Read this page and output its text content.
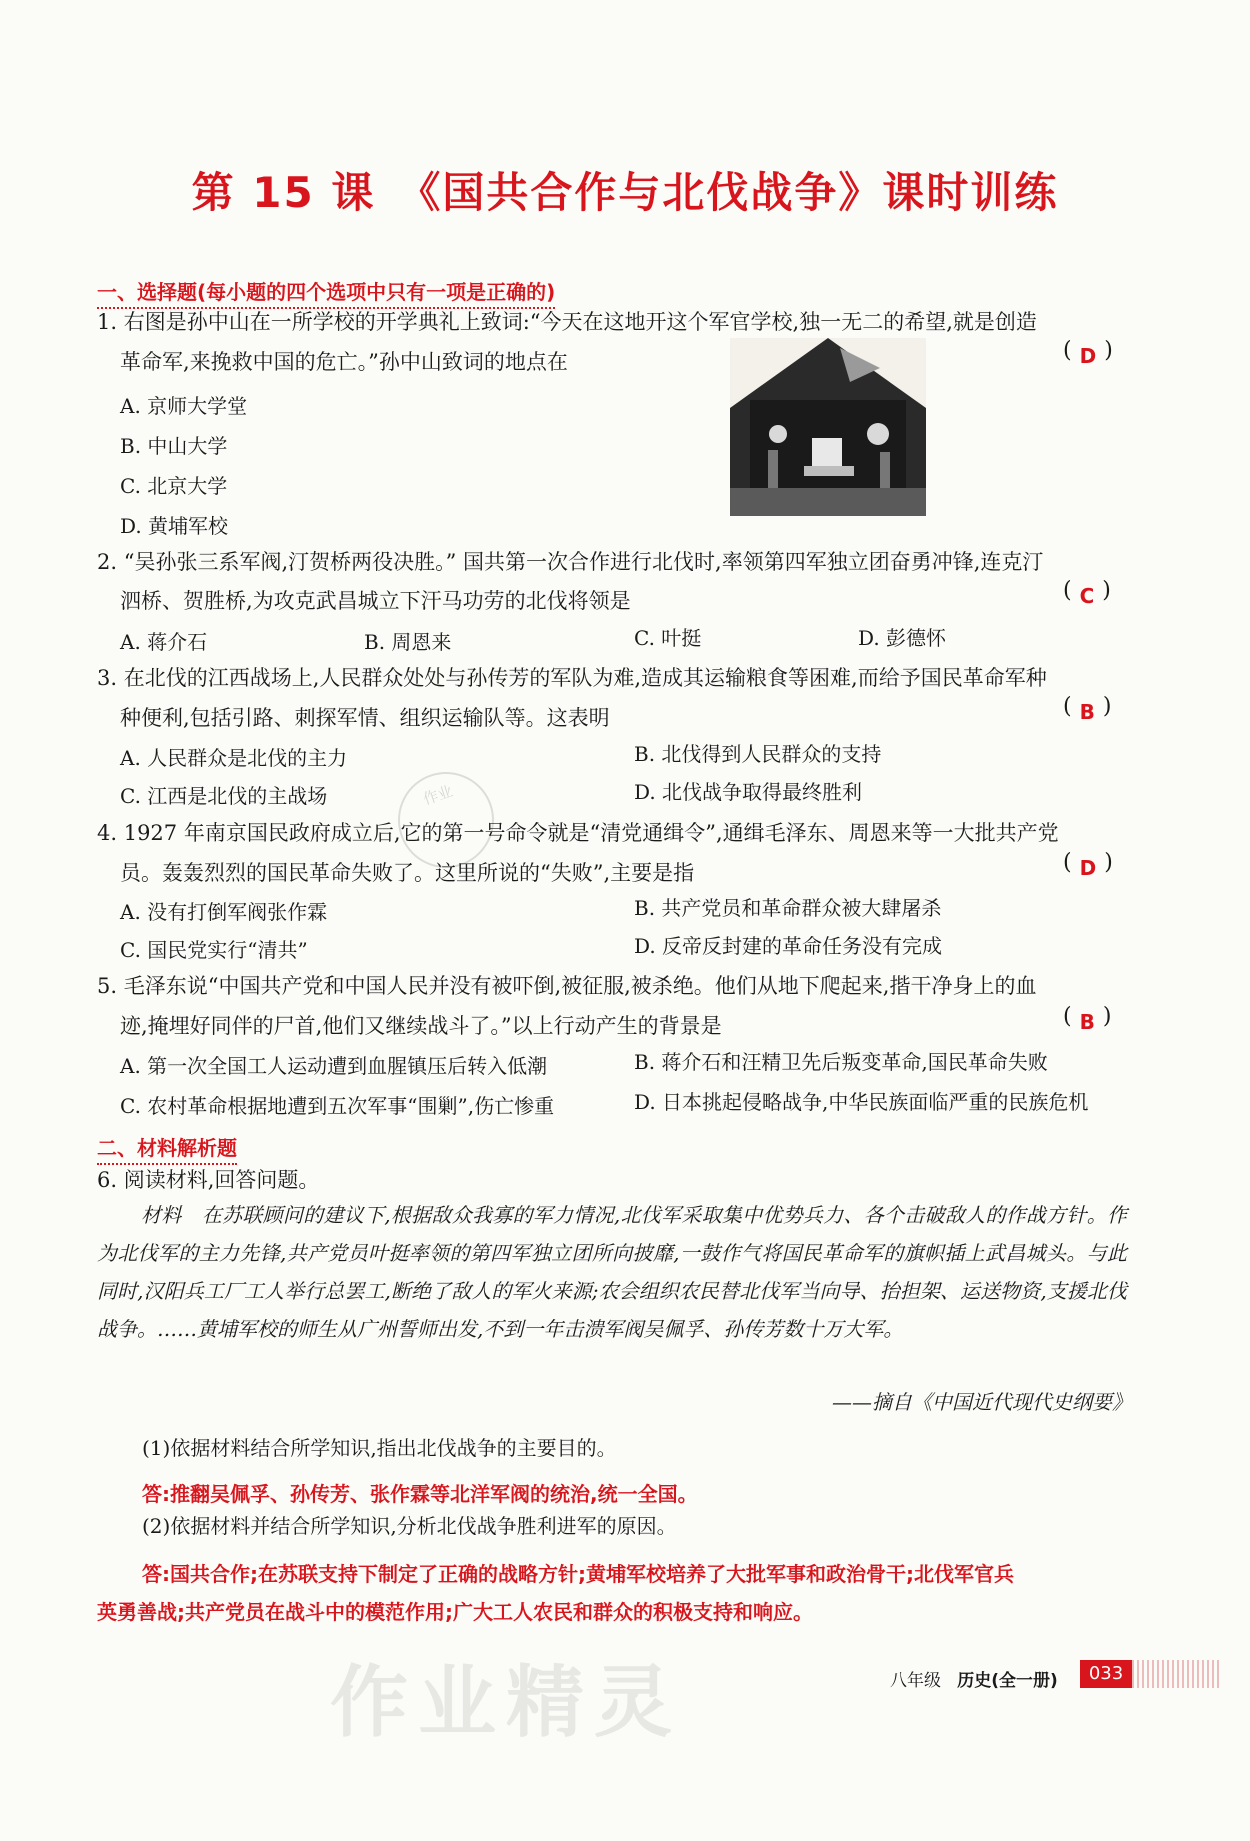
第 15 课　《国共合作与北伐战争》课时训练
一、选择题(每小题的四个选项中只有一项是正确的)
1. 右图是孙中山在一所学校的开学典礼上致词:“今天在这地开这个军官学校,独一无二的希望,就是创造
革命军,来挽救中国的危亡。”孙中山致词的地点在	( D )
A. 京师大学堂
B. 中山大学
C. 北京大学
D. 黄埔军校
2. “吴孙张三系军阀,汀贺桥两役决胜。” 国共第一次合作进行北伐时,率领第四军独立团奋勇冲锋,连克汀
泗桥、贺胜桥,为攻克武昌城立下汗马功劳的北伐将领是	( C )
A. 蒋介石	B. 周恩来	C. 叶挺	D. 彭德怀
3. 在北伐的江西战场上,人民群众处处与孙传芳的军队为难,造成其运输粮食等困难,而给予国民革命军种
种便利,包括引路、刺探军情、组织运输队等。这表明	( B )
A. 人民群众是北伐的主力	B. 北伐得到人民群众的支持
C. 江西是北伐的主战场	D. 北伐战争取得最终胜利
4. 1927 年南京国民政府成立后,它的第一号命令就是“清党通缉令”,通缉毛泽东、周恩来等一大批共产党
员。轰轰烈烈的国民革命失败了。这里所说的“失败”,主要是指	( D )
A. 没有打倒军阀张作霖	B. 共产党员和革命群众被大肆屠杀
C. 国民党实行“清共”	D. 反帝反封建的革命任务没有完成
5. 毛泽东说“中国共产党和中国人民并没有被吓倒,被征服,被杀绝。他们从地下爬起来,揩干净身上的血
迹,掩埋好同伴的尸首,他们又继续战斗了。”以上行动产生的背景是	( B )
A. 第一次全国工人运动遭到血腥镇压后转入低潮	B. 蒋介石和汪精卫先后叛变革命,国民革命失败
C. 农村革命根据地遭到五次军事“围剿”,伤亡惨重	D. 日本挑起侵略战争,中华民族面临严重的民族危机
二、材料解析题
6. 阅读材料,回答问题。
材料　在苏联顾问的建议下,根据敌众我寡的军力情况,北伐军采取集中优势兵力、各个击破敌人的作战方针。作为北伐军的主力先锋,共产党员叶挺率领的第四军独立团所向披靡,一鼓作气将国民革命军的旗帜插上武昌城头。与此同时,汉阳兵工厂工人举行总罢工,断绝了敌人的军火来源;农会组织农民替北伐军当向导、抬担架、运送物资,支援北伐战争。……黄埔军校的师生从广州誓师出发,不到一年击溃军阀吴佩孚、孙传芳数十万大军。
——摘自《中国近代现代史纲要》
(1)依据材料结合所学知识,指出北伐战争的主要目的。
答:推翻吴佩孚、孙传芳、张作霖等北洋军阀的统治,统一全国。
(2)依据材料并结合所学知识,分析北伐战争胜利进军的原因。
答:国共合作;在苏联支持下制定了正确的战略方针;黄埔军校培养了大批军事和政治骨干;北伐军官兵
英勇善战;共产党员在战斗中的模范作用;广大工人农民和群众的积极支持和响应。
作业
作业精灵	八年级 历史(全一册)	033
